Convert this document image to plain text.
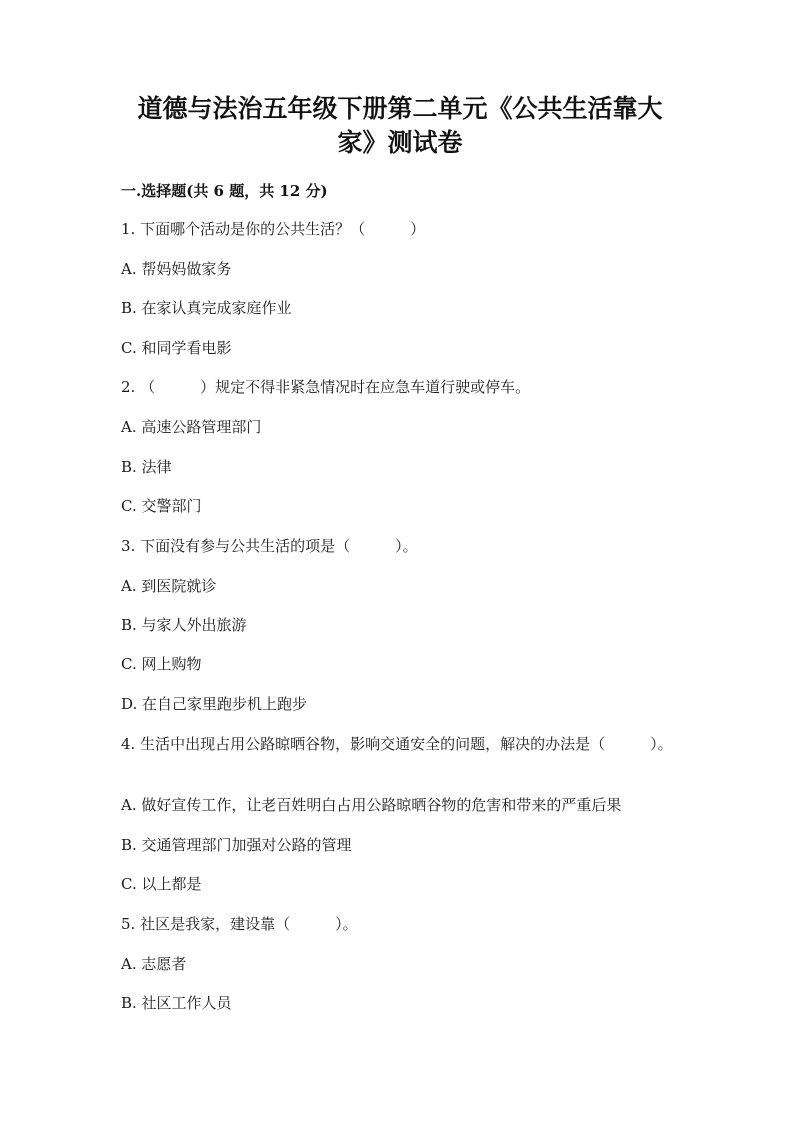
道德与法治五年级下册第二单元《公共生活靠大家》测试卷
一.选择题(共 6 题，共 12 分)
1. 下面哪个活动是你的公共生活？（　　　）
A. 帮妈妈做家务
B. 在家认真完成家庭作业
C. 和同学看电影
2. （　　　）规定不得非紧急情况时在应急车道行驶或停车。
A. 高速公路管理部门
B. 法律
C. 交警部门
3. 下面没有参与公共生活的项是（　　　）。
A. 到医院就诊
B. 与家人外出旅游
C. 网上购物
D. 在自己家里跑步机上跑步
4. 生活中出现占用公路晾晒谷物，影响交通安全的问题，解决的办法是（　　　）。
A. 做好宣传工作，让老百姓明白占用公路晾晒谷物的危害和带来的严重后果
B. 交通管理部门加强对公路的管理
C. 以上都是
5. 社区是我家，建设靠（　　　）。
A. 志愿者
B. 社区工作人员
